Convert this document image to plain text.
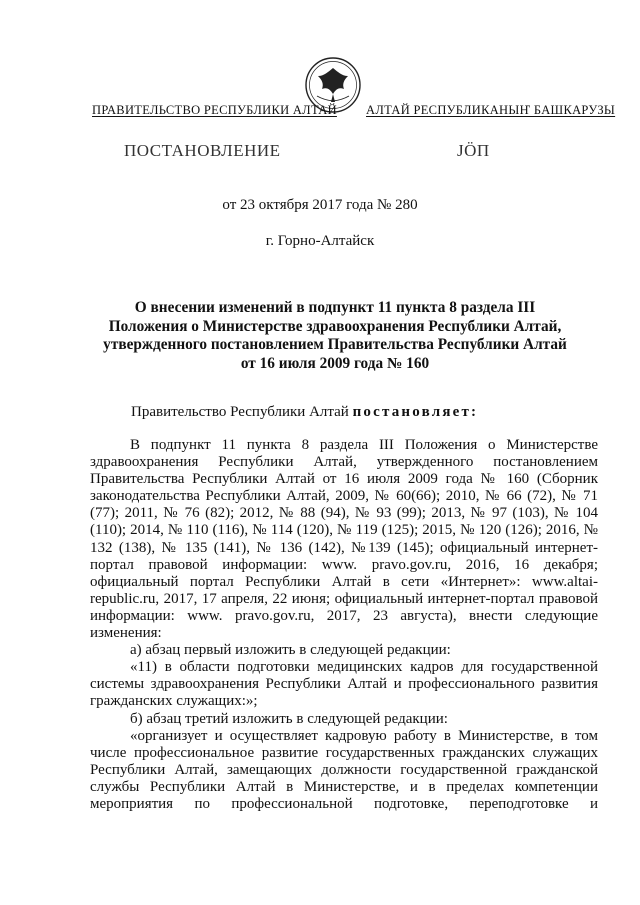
ПРАВИТЕЛЬСТВО РЕСПУБЛИКИ АЛТАЙ АЛТАЙ РЕСПУБЛИКАНЫҤ БАШКАРУЗЫ
ПОСТАНОВЛЕНИЕ	ЈÖП
от 23 октября 2017 года № 280
г. Горно-Алтайск
О внесении изменений в подпункт 11 пункта 8 раздела III Положения о Министерстве здравоохранения Республики Алтай, утвержденного постановлением Правительства Республики Алтай от 16 июля 2009 года № 160
Правительство Республики Алтай постановляет:

В подпункт 11 пункта 8 раздела III Положения о Министерстве здравоохранения Республики Алтай, утвержденного постановлением Правительства Республики Алтай от 16 июля 2009 года № 160 (Сборник законодательства Республики Алтай, 2009, № 60(66); 2010, № 66 (72), № 71 (77); 2011, № 76 (82); 2012, № 88 (94), № 93 (99); 2013, № 97 (103), № 104 (110); 2014, № 110 (116), № 114 (120), № 119 (125); 2015, № 120 (126); 2016, № 132 (138), № 135 (141), № 136 (142), №139 (145); официальный интернет-портал правовой информации: www. pravo.gov.ru, 2016, 16 декабря; официальный портал Республики Алтай в сети «Интернет»: www.altai-republic.ru, 2017, 17 апреля, 22 июня; официальный интернет-портал правовой информации: www. pravo.gov.ru, 2017, 23 августа), внести следующие изменения:

а) абзац первый изложить в следующей редакции:

«11) в области подготовки медицинских кадров для государственной системы здравоохранения Республики Алтай и профессионального развития гражданских служащих:»;

б) абзац третий изложить в следующей редакции:

«организует и осуществляет кадровую работу в Министерстве, в том числе профессиональное развитие государственных гражданских служащих Республики Алтай, замещающих должности государственной гражданской службы Республики Алтай в Министерстве, и в пределах компетенции мероприятия по профессиональной подготовке, переподготовке и
